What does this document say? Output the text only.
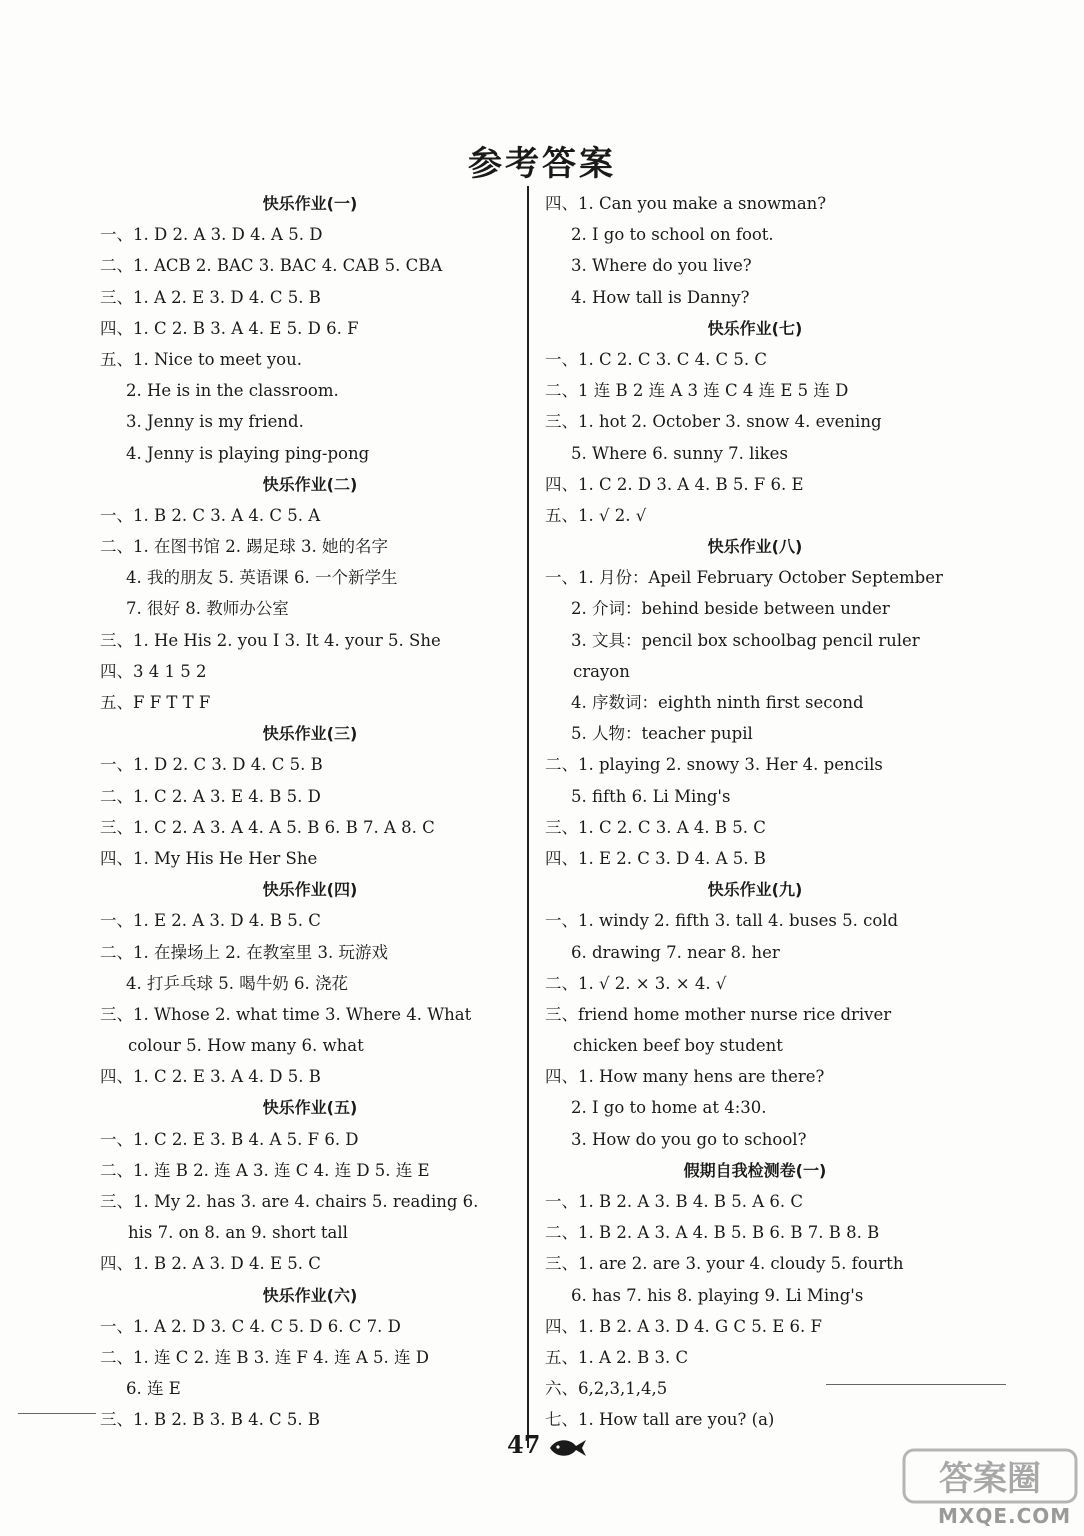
参考答案
快乐作业(一)
一、1. D 2. A 3. D 4. A 5. D
二、1. ACB 2. BAC 3. BAC 4. CAB 5. CBA
三、1. A 2. E 3. D 4. C 5. B
四、1. C 2. B 3. A 4. E 5. D 6. F
五、1. Nice to meet you.
2. He is in the classroom.
3. Jenny is my friend.
4. Jenny is playing ping-pong
快乐作业(二)
一、1. B 2. C 3. A 4. C 5. A
二、1. 在图书馆 2. 踢足球 3. 她的名字
4. 我的朋友 5. 英语课 6. 一个新学生
7. 很好 8. 教师办公室
三、1. He His 2. you I 3. It 4. your 5. She
四、3 4 1 5 2
五、F F T T F
快乐作业(三)
一、1. D 2. C 3. D 4. C 5. B
二、1. C 2. A 3. E 4. B 5. D
三、1. C 2. A 3. A 4. A 5. B 6. B 7. A 8. C
四、1. My His He Her She
快乐作业(四)
一、1. E 2. A 3. D 4. B 5. C
二、1. 在操场上 2. 在教室里 3. 玩游戏
4. 打乒乓球 5. 喝牛奶 6. 浇花
三、1. Whose 2. what time 3. Where 4. What
colour 5. How many 6. what
四、1. C 2. E 3. A 4. D 5. B
快乐作业(五)
一、1. C 2. E 3. B 4. A 5. F 6. D
二、1. 连 B 2. 连 A 3. 连 C 4. 连 D 5. 连 E
三、1. My 2. has 3. are 4. chairs 5. reading 6.
his 7. on 8. an 9. short tall
四、1. B 2. A 3. D 4. E 5. C
快乐作业(六)
一、1. A 2. D 3. C 4. C 5. D 6. C 7. D
二、1. 连 C 2. 连 B 3. 连 F 4. 连 A 5. 连 D
6. 连 E
三、1. B 2. B 3. B 4. C 5. B
四、1. Can you make a snowman?
2. I go to school on foot.
3. Where do you live?
4. How tall is Danny?
快乐作业(七)
一、1. C 2. C 3. C 4. C 5. C
二、1 连 B 2 连 A 3 连 C 4 连 E 5 连 D
三、1. hot 2. October 3. snow 4. evening
5. Where 6. sunny 7. likes
四、1. C 2. D 3. A 4. B 5. F 6. E
五、1. √ 2. √
快乐作业(八)
一、1. 月份：Apeil February October September
2. 介词：behind beside between under
3. 文具：pencil box schoolbag pencil ruler
crayon
4. 序数词：eighth ninth first second
5. 人物：teacher pupil
二、1. playing 2. snowy 3. Her 4. pencils
5. fifth 6. Li Ming's
三、1. C 2. C 3. A 4. B 5. C
四、1. E 2. C 3. D 4. A 5. B
快乐作业(九)
一、1. windy 2. fifth 3. tall 4. buses 5. cold
6. drawing 7. near 8. her
二、1. √ 2. × 3. × 4. √
三、friend home mother nurse rice driver
chicken beef boy student
四、1. How many hens are there?
2. I go to home at 4:30.
3. How do you go to school?
假期自我检测卷(一)
一、1. B 2. A 3. B 4. B 5. A 6. C
二、1. B 2. A 3. A 4. B 5. B 6. B 7. B 8. B
三、1. are 2. are 3. your 4. cloudy 5. fourth
6. has 7. his 8. playing 9. Li Ming's
四、1. B 2. A 3. D 4. G C 5. E 6. F
五、1. A 2. B 3. C
六、6,2,3,1,4,5
七、1. How tall are you? (a)
47
答案圈
MXQE.COM
